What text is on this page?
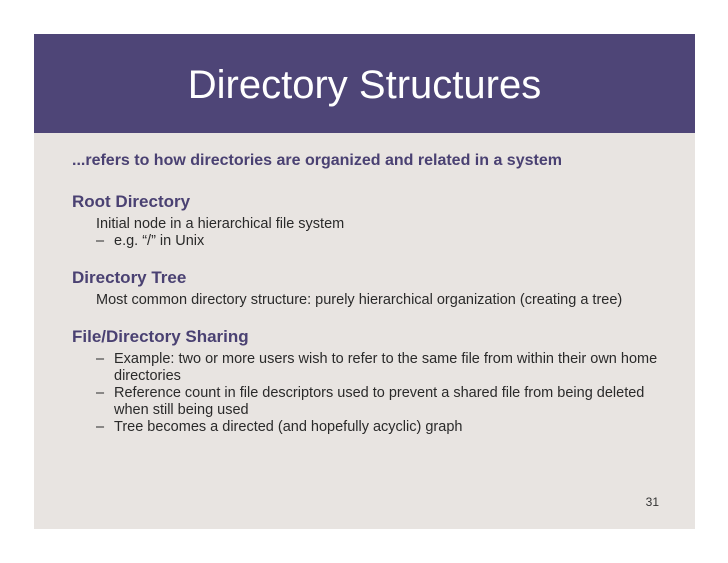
Directory Structures
...refers to how directories are organized and related in a system
Root Directory
Initial node in a hierarchical file system
– e.g. “/” in Unix
Directory Tree
Most common directory structure: purely hierarchical organization (creating a tree)
File/Directory Sharing
– Example: two or more users wish to refer to the same file from within their own home directories
– Reference count in file descriptors used to prevent a shared file from being deleted when still being used
– Tree becomes a directed (and hopefully acyclic) graph
31
